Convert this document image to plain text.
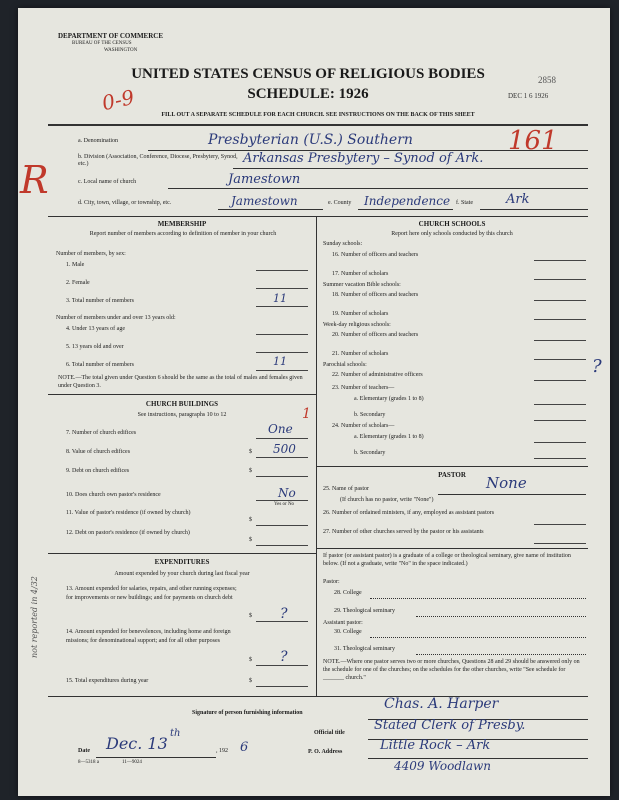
DEPARTMENT OF COMMERCE
BUREAU OF THE CENSUS
WASHINGTON
UNITED STATES CENSUS OF RELIGIOUS BODIES
SCHEDULE: 1926
2858
DEC 1 6 1926
FILL OUT A SEPARATE SCHEDULE FOR EACH CHURCH. SEE INSTRUCTIONS ON THE BACK OF THIS SHEET
0-9
161
R
not reported in 4/32
a. Denomination	Presbyterian (U.S.) Southern
b. Division (Association, Conference, Diocese, Presbytery, Synod, etc.)	Arkansas Presbytery – Synod of Ark.
c. Local name of church	Jamestown
d. City, town, village, or township, etc.	Jamestown	e. County Independence f. State	Ark
MEMBERSHIP
Report number of members according to definition of member in your church
Number of members, by sex:
1. Male
2. Female
3. Total number of members	11
Number of members under and over 13 years old:
4. Under 13 years of age
5. 13 years old and over
6. Total number of members	11
NOTE.—The total given under Question 6 should be the same as the total of males and females given under Question 3.
CHURCH BUILDINGS
See instructions, paragraphs 10 to 12	1
7. Number of church edifices	One
8. Value of church edifices	$ 500
9. Debt on church edifices	$
10. Does church own pastor's residence	No
Yes or No
11. Value of pastor's residence (if owned by church)
$
12. Debt on pastor's residence (if owned by church)
$
EXPENDITURES
Amount expended by your church during last fiscal year
13. Amount expended for salaries, repairs, and other running expenses; for improvements or new buildings; and for payments on church debt
$ ?
14. Amount expended for benevolences, including home and foreign missions; for denominational support; and for all other purposes
$ ?
15. Total expenditures during year	$
CHURCH SCHOOLS
Report here only schools conducted by this church
Sunday schools:
16. Number of officers and teachers
17. Number of scholars
Summer vacation Bible schools:
18. Number of officers and teachers
19. Number of scholars
Week-day religious schools:
20. Number of officers and teachers
21. Number of scholars
?
Parochial schools:
22. Number of administrative officers
23. Number of teachers—
a. Elementary (grades 1 to 8)
b. Secondary
24. Number of scholars—
a. Elementary (grades 1 to 8)
b. Secondary
PASTOR
25. Name of pastor	None
(If church has no pastor, write "None")
26. Number of ordained ministers, if any, employed as assistant pastors
27. Number of other churches served by the pastor or his assistants
If pastor (or assistant pastor) is a graduate of a college or theological seminary, give name of institution below. (If not a graduate, write "No" in the space indicated.)
Pastor:
28. College
29. Theological seminary
Assistant pastor:
30. College
31. Theological seminary
NOTE.—Where one pastor serves two or more churches, Questions 28 and 29 should be answered only on the schedule for one of the churches; on the schedules for the other churches, write "See schedule for _______ church."
Signature of person furnishing information
Chas. A. Harper
Official title Stated Clerk of Presby.
Date Dec. 13
th
, 192 6	P. O. Address	Little Rock – Ark
4409 Woodlawn
8—5318 a	11—9024
